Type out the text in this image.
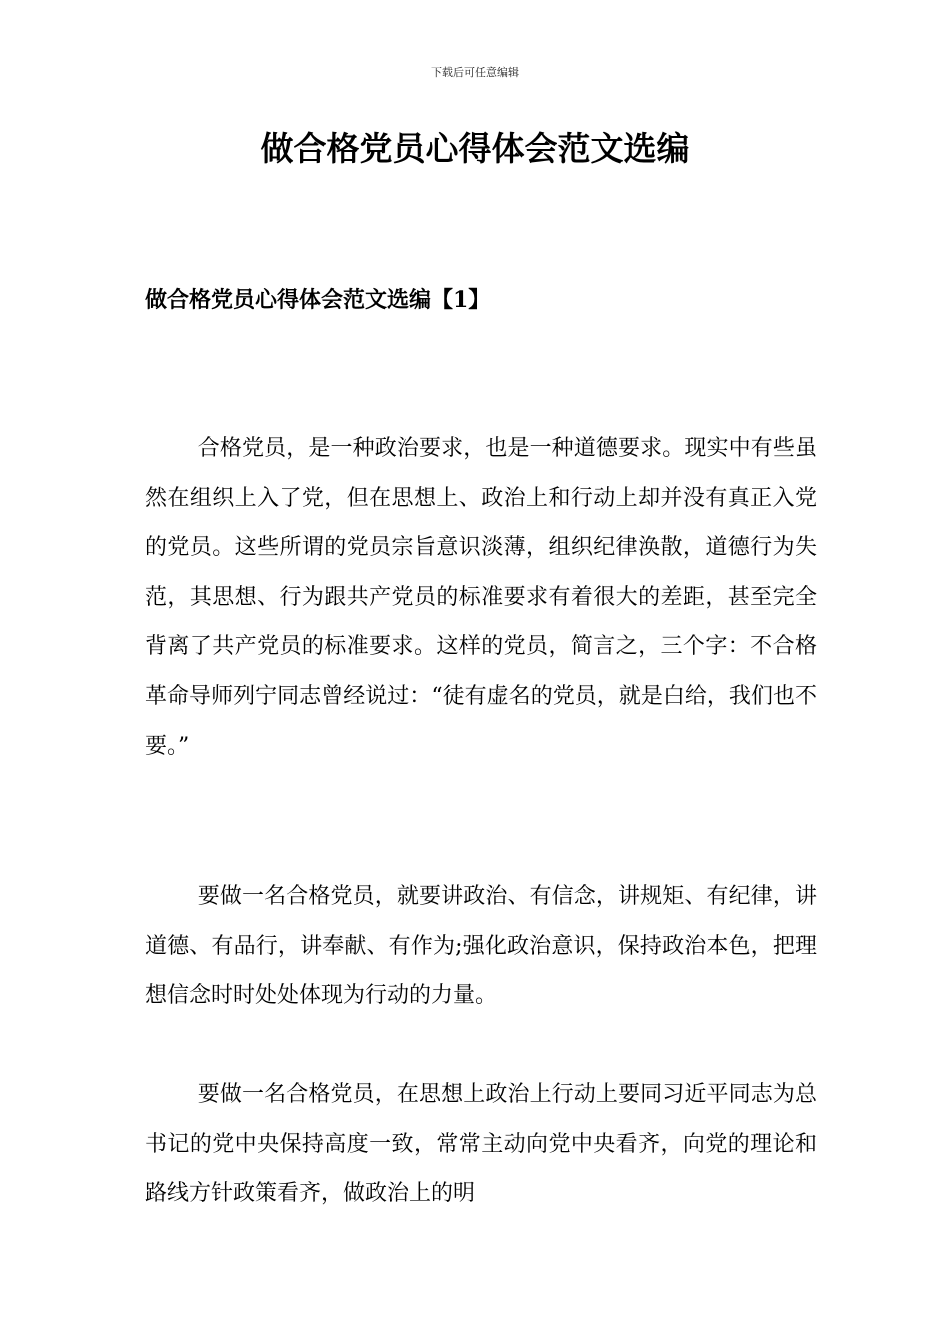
下载后可任意编辑
做合格党员心得体会范文选编
做合格党员心得体会范文选编【1】

合格党员，是一种政治要求，也是一种道德要求。现实中有些虽然在组织上入了党，但在思想上、政治上和行动上却并没有真正入党的党员。这些所谓的党员宗旨意识淡薄，组织纪律涣散，道德行为失范，其思想、行为跟共产党员的标准要求有着很大的差距，甚至完全背离了共产党员的标准要求。这样的党员，简言之，三个字：不合格革命导师列宁同志曾经说过：“徒有虚名的党员，就是白给，我们也不要。”

要做一名合格党员，就要讲政治、有信念，讲规矩、有纪律，讲道德、有品行，讲奉献、有作为;强化政治意识，保持政治本色，把理想信念时时处处体现为行动的力量。

要做一名合格党员，在思想上政治上行动上要同习近平同志为总书记的党中央保持高度一致，常常主动向党中央看齐，向党的理论和路线方针政策看齐，做政治上的明
